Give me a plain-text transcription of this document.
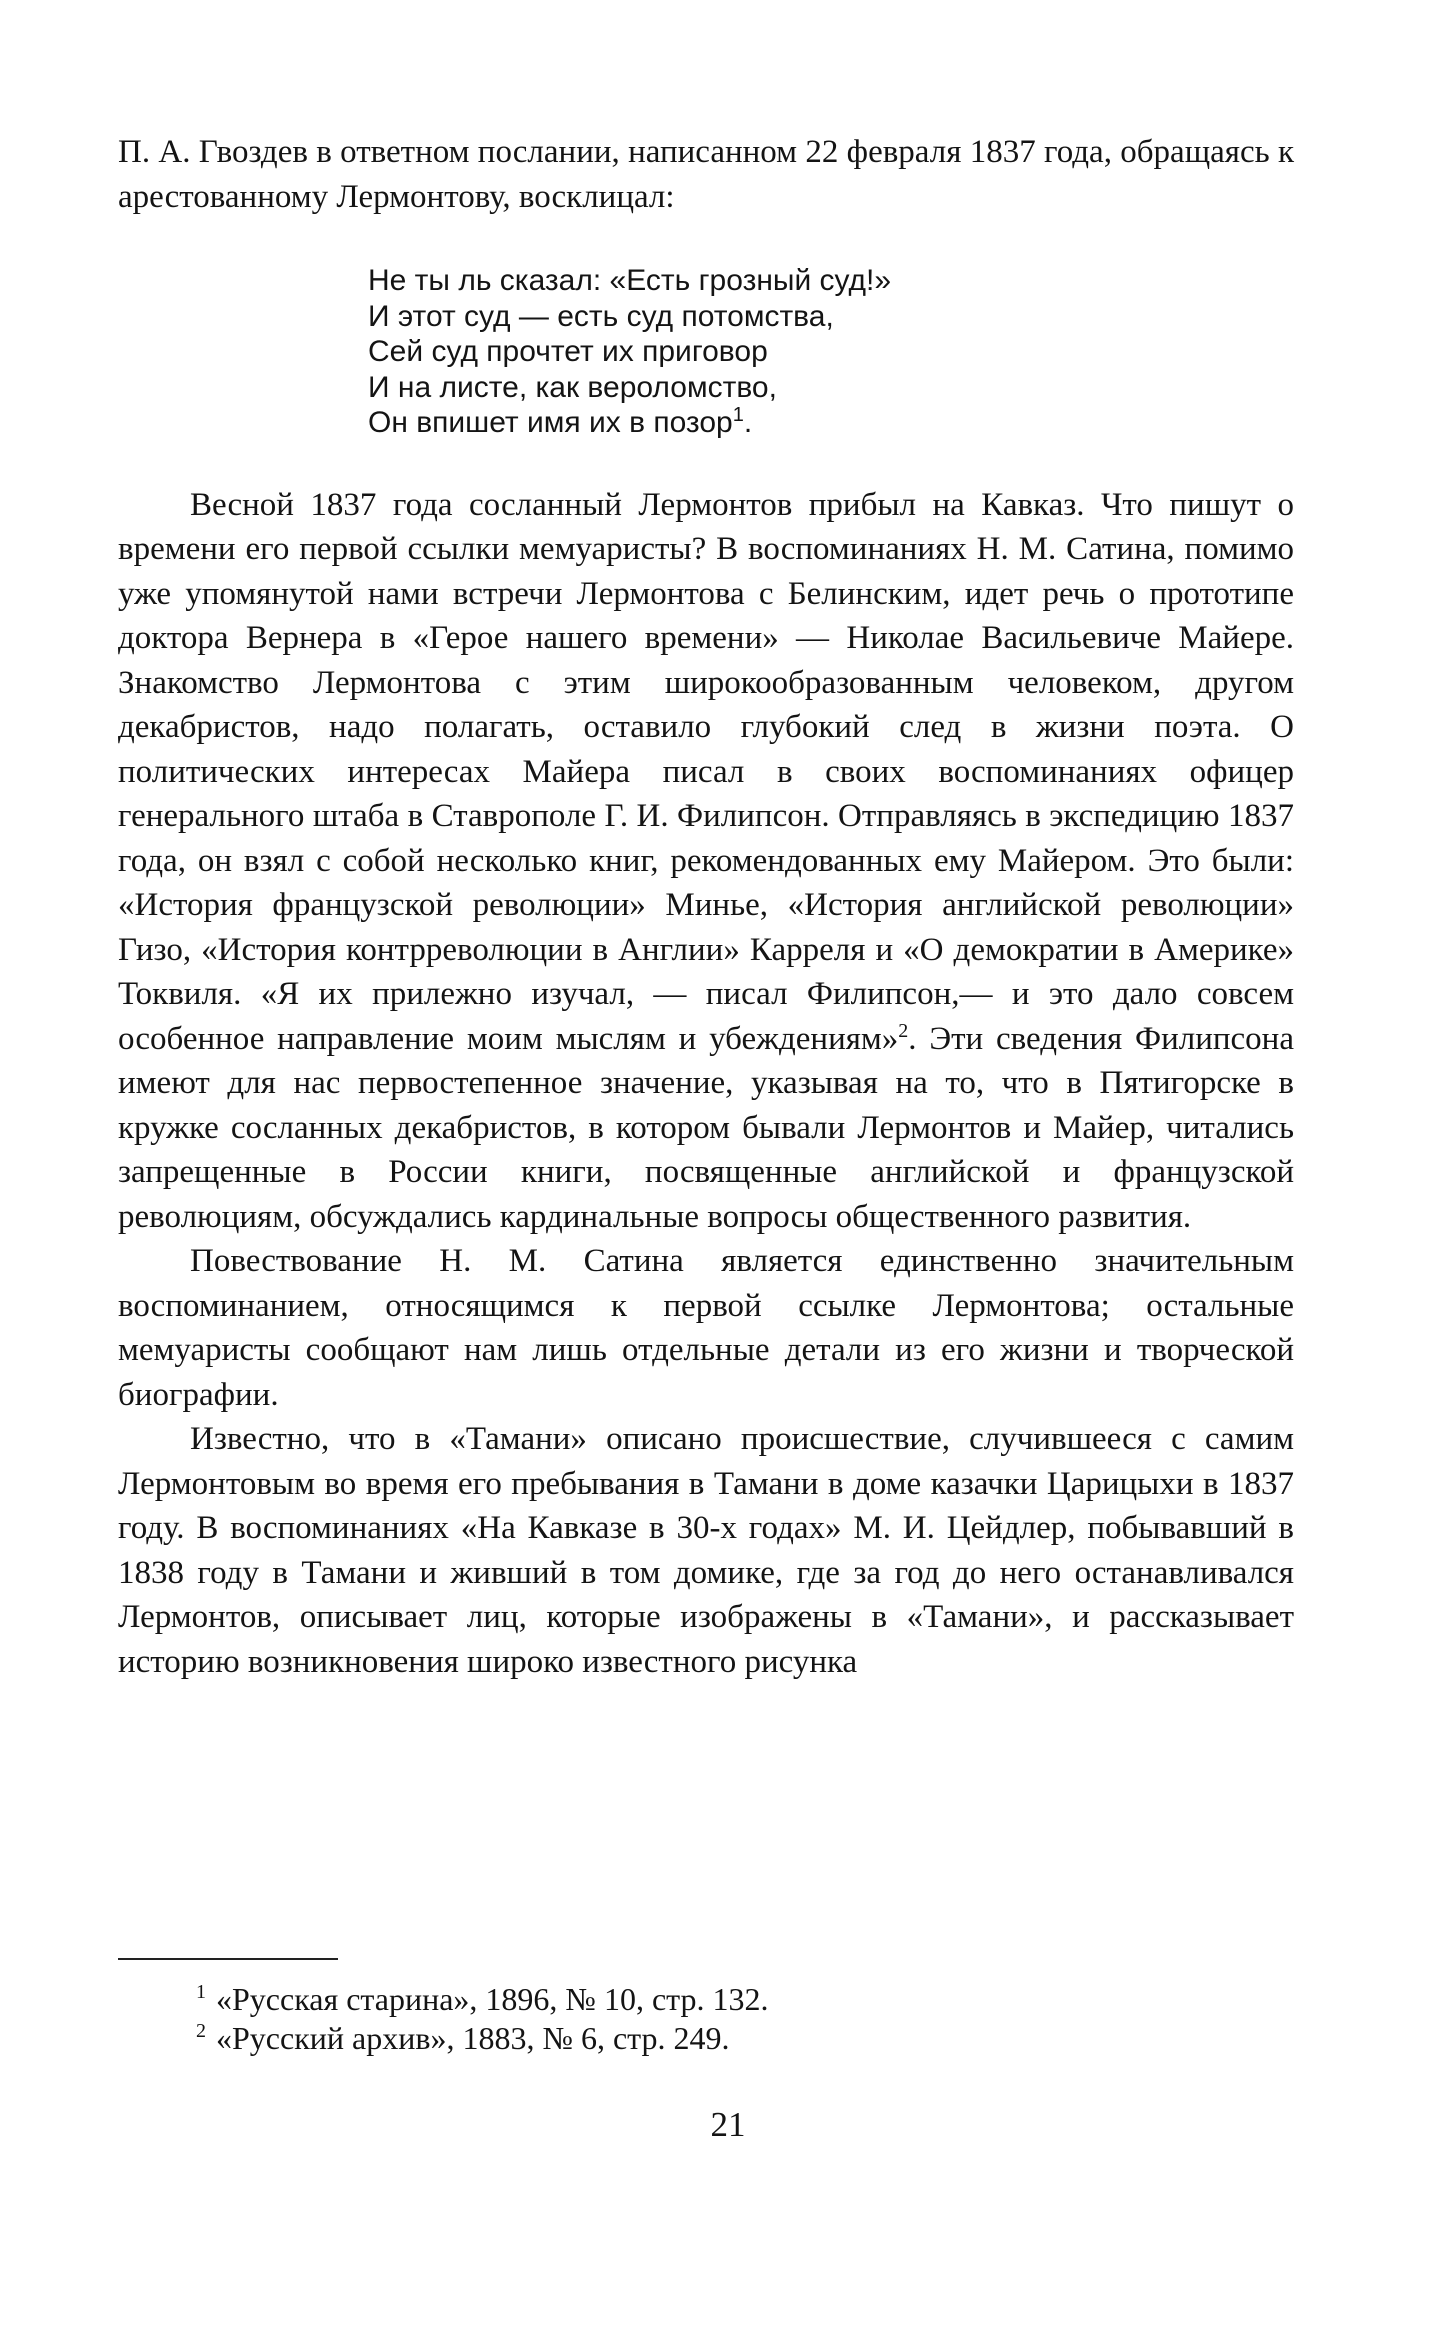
П. А. Гвоздев в ответном послании, написанном 22 февраля 1837 года, обращаясь к арестованному Лермонтову, восклицал:

Не ты ль сказал: «Есть грозный суд!»
И этот суд — есть суд потомства,
Сей суд прочтет их приговор
И на листе, как вероломство,
Он впишет имя их в позор$^1$.

Весной 1837 года сосланный Лермонтов прибыл на Кавказ. Что пишут о времени его первой ссылки мемуаристы? В воспоминаниях Н. М. Сатина, помимо уже упомянутой нами встречи Лермонтова с Белинским, идет речь о прототипе доктора Вернера в «Герое нашего времени» — Николае Васильевиче Майере. Знакомство Лермонтова с этим широкообразованным человеком, другом декабристов, надо полагать, оставило глубокий след в жизни поэта. О политических интересах Майера писал в своих воспоминаниях офицер генерального штаба в Ставрополе Г. И. Филипсон. Отправляясь в экспедицию 1837 года, он взял с собой несколько книг, рекомендованных ему Майером. Это были: «История французской революции» Минье, «История английской революции» Гизо, «История контрреволюции в Англии» Карреля и «О демократии в Америке» Токвиля. «Я их прилежно изучал, — писал Филипсон,— и это дало совсем особенное направление моим мыслям и убеждениям»$^2$. Эти сведения Филипсона имеют для нас первостепенное значение, указывая на то, что в Пятигорске в кружке сосланных декабристов, в котором бывали Лермонтов и Майер, читались запрещенные в России книги, посвященные английской и французской революциям, обсуждались кардинальные вопросы общественного развития.

Повествование Н. М. Сатина является единственно значительным воспоминанием, относящимся к первой ссылке Лермонтова; остальные мемуаристы сообщают нам лишь отдельные детали из его жизни и творческой биографии.

Известно, что в «Тамани» описано происшествие, случившееся с самим Лермонтовым во время его пребывания в Тамани в доме казачки Царицыхи в 1837 году. В воспоминаниях «На Кавказе в 30-х годах» М. И. Цейдлер, побывавший в 1838 году в Тамани и живший в том домике, где за год до него останавливался Лермонтов, описывает лиц, которые изображены в «Тамани», и рассказывает историю возникновения широко известного рисунка

$^1$ «Русская старина», 1896, № 10, стр. 132.
$^2$ «Русский архив», 1883, № 6, стр. 249.
21
